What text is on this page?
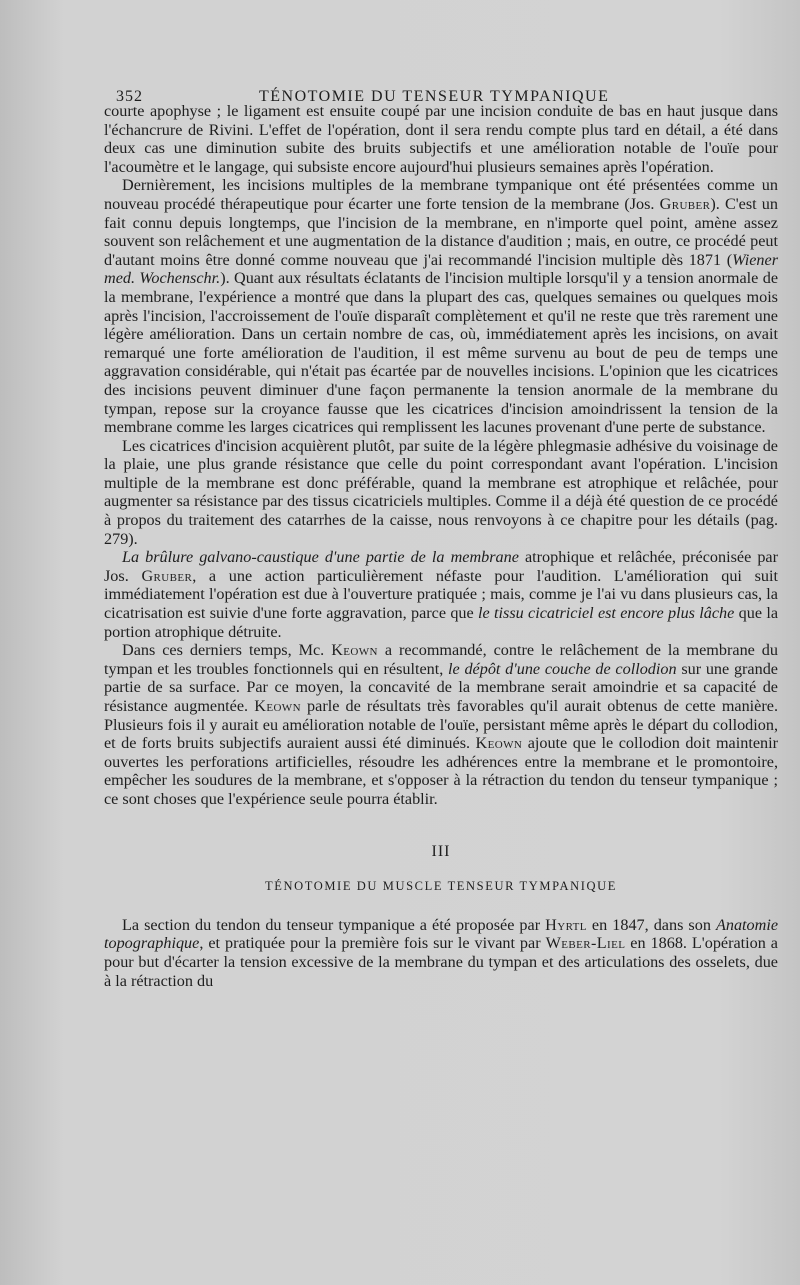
352	TÉNOTOMIE DU TENSEUR TYMPANIQUE

courte apophyse ; le ligament est ensuite coupé par une incision conduite de bas en haut jusque dans l'échancrure de Rivini. L'effet de l'opération, dont il sera rendu compte plus tard en détail, a été dans deux cas une diminution subite des bruits subjectifs et une amélioration notable de l'ouïe pour l'acoumètre et le langage, qui subsiste encore aujourd'hui plusieurs semaines après l'opération.

Dernièrement, les incisions multiples de la membrane tympanique ont été présentées comme un nouveau procédé thérapeutique pour écarter une forte tension de la membrane (Jos. Gruber). C'est un fait connu depuis longtemps, que l'incision de la membrane, en n'importe quel point, amène assez souvent son relâchement et une augmentation de la distance d'audition ; mais, en outre, ce procédé peut d'autant moins être donné comme nouveau que j'ai recommandé l'incision multiple dès 1871 (Wiener med. Wochenschr.). Quant aux résultats éclatants de l'incision multiple lorsqu'il y a tension anormale de la membrane, l'expérience a montré que dans la plupart des cas, quelques semaines ou quelques mois après l'incision, l'accroissement de l'ouïe disparaît complètement et qu'il ne reste que très rarement une légère amélioration. Dans un certain nombre de cas, où, immédiatement après les incisions, on avait remarqué une forte amélioration de l'audition, il est même survenu au bout de peu de temps une aggravation considérable, qui n'était pas écartée par de nouvelles incisions. L'opinion que les cicatrices des incisions peuvent diminuer d'une façon permanente la tension anormale de la membrane du tympan, repose sur la croyance fausse que les cicatrices d'incision amoindrissent la tension de la membrane comme les larges cicatrices qui remplissent les lacunes provenant d'une perte de substance.

Les cicatrices d'incision acquièrent plutôt, par suite de la légère phlegmasie adhésive du voisinage de la plaie, une plus grande résistance que celle du point correspondant avant l'opération. L'incision multiple de la membrane est donc préférable, quand la membrane est atrophique et relâchée, pour augmenter sa résistance par des tissus cicatriciels multiples. Comme il a déjà été question de ce procédé à propos du traitement des catarrhes de la caisse, nous renvoyons à ce chapitre pour les détails (pag. 279).

La brûlure galvano-caustique d'une partie de la membrane atrophique et relâchée, préconisée par Jos. Gruber, a une action particulièrement néfaste pour l'audition. L'amélioration qui suit immédiatement l'opération est due à l'ouverture pratiquée ; mais, comme je l'ai vu dans plusieurs cas, la cicatrisation est suivie d'une forte aggravation, parce que le tissu cicatriciel est encore plus lâche que la portion atrophique détruite.

Dans ces derniers temps, Mc. Keown a recommandé, contre le relâchement de la membrane du tympan et les troubles fonctionnels qui en résultent, le dépôt d'une couche de collodion sur une grande partie de sa surface. Par ce moyen, la concavité de la membrane serait amoindrie et sa capacité de résistance augmentée. Keown parle de résultats très favorables qu'il aurait obtenus de cette manière. Plusieurs fois il y aurait eu amélioration notable de l'ouïe, persistant même après le départ du collodion, et de forts bruits subjectifs auraient aussi été diminués. Keown ajoute que le collodion doit maintenir ouvertes les perforations artificielles, résoudre les adhérences entre la membrane et le promontoire, empêcher les soudures de la membrane, et s'opposer à la rétraction du tendon du tenseur tympanique ; ce sont choses que l'expérience seule pourra établir.

III
TÉNOTOMIE DU MUSCLE TENSEUR TYMPANIQUE

La section du tendon du tenseur tympanique a été proposée par Hyrtl en 1847, dans son Anatomie topographique, et pratiquée pour la première fois sur le vivant par Weber-Liel en 1868. L'opération a pour but d'écarter la tension excessive de la membrane du tympan et des articulations des osselets, due à la rétraction du
